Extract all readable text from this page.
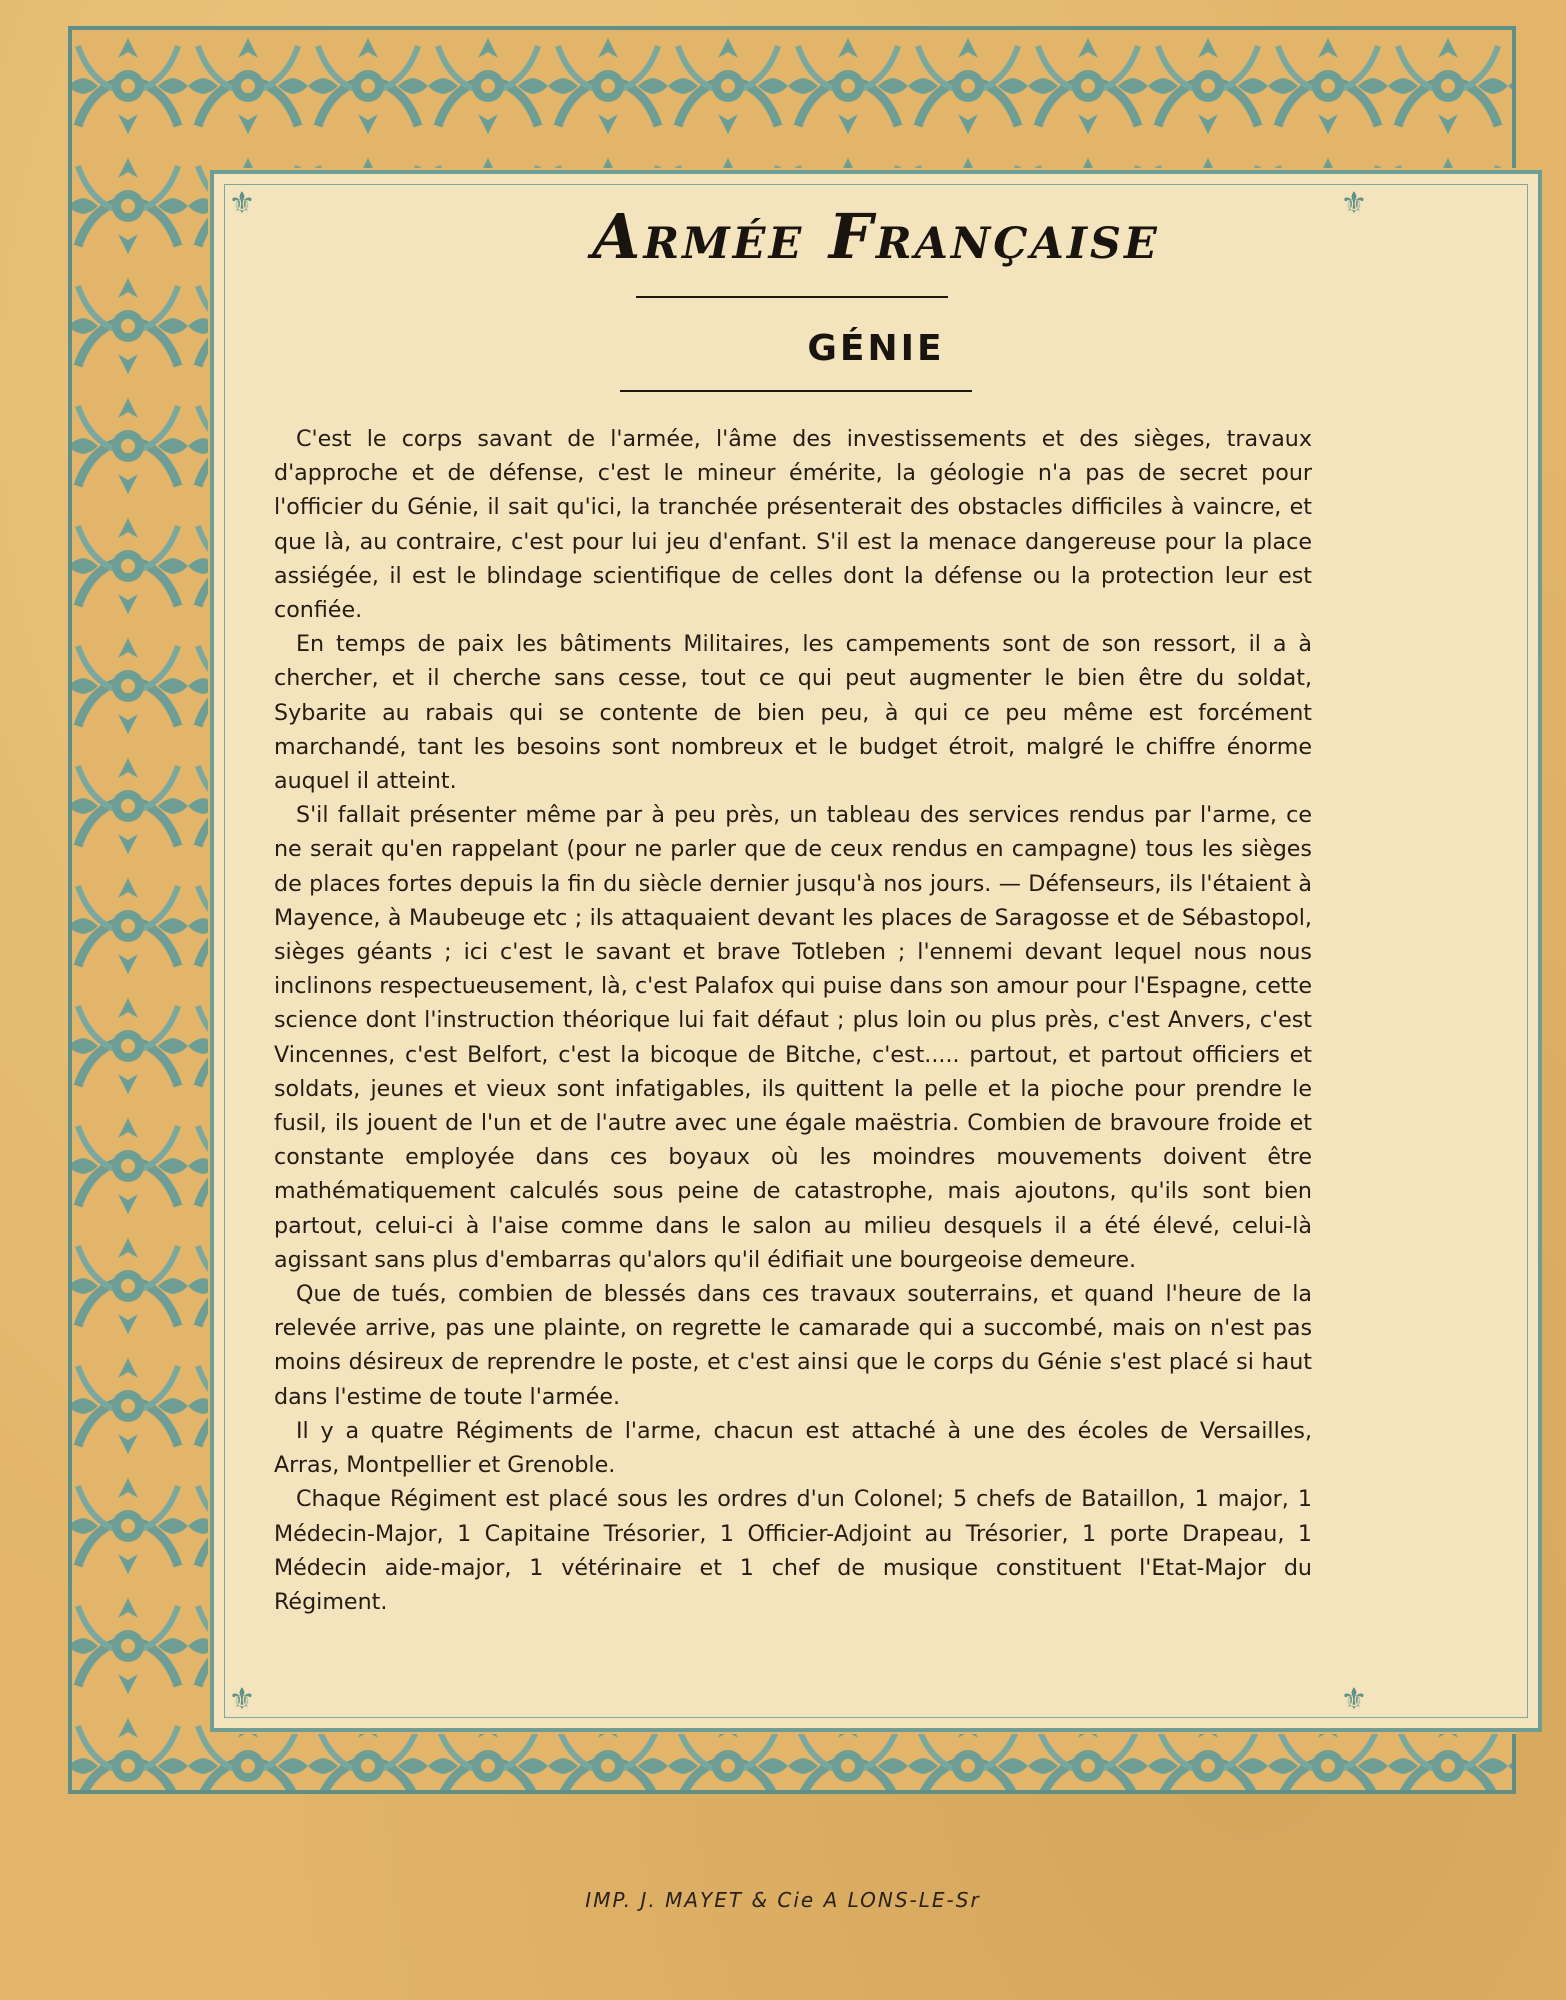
⚜	⚜
⚜	⚜
Armée Française
GÉNIE

C'est le corps savant de l'armée, l'âme des investissements et des sièges, travaux d'approche et de défense, c'est le mineur émérite, la géologie n'a pas de secret pour l'officier du Génie, il sait qu'ici, la tranchée présenterait des obstacles difficiles à vaincre, et que là, au contraire, c'est pour lui jeu d'enfant. S'il est la menace dangereuse pour la place assiégée, il est le blindage scientifique de celles dont la défense ou la protection leur est confiée.

En temps de paix les bâtiments Militaires, les campements sont de son ressort, il a à chercher, et il cherche sans cesse, tout ce qui peut augmenter le bien être du soldat, Sybarite au rabais qui se contente de bien peu, à qui ce peu même est forcément marchandé, tant les besoins sont nombreux et le budget étroit, malgré le chiffre énorme auquel il atteint.

S'il fallait présenter même par à peu près, un tableau des services rendus par l'arme, ce ne serait qu'en rappelant (pour ne parler que de ceux rendus en campagne) tous les sièges de places fortes depuis la fin du siècle dernier jusqu'à nos jours. — Défenseurs, ils l'étaient à Mayence, à Maubeuge etc ; ils attaquaient devant les places de Saragosse et de Sébastopol, sièges géants ; ici c'est le savant et brave Totleben ; l'ennemi devant lequel nous nous inclinons respectueusement, là, c'est Palafox qui puise dans son amour pour l'Espagne, cette science dont l'instruction théorique lui fait défaut ; plus loin ou plus près, c'est Anvers, c'est Vincennes, c'est Belfort, c'est la bicoque de Bitche, c'est..... partout, et partout officiers et soldats, jeunes et vieux sont infatigables, ils quittent la pelle et la pioche pour prendre le fusil, ils jouent de l'un et de l'autre avec une égale maëstria. Combien de bravoure froide et constante employée dans ces boyaux où les moindres mouvements doivent être mathématiquement calculés sous peine de catastrophe, mais ajoutons, qu'ils sont bien partout, celui-ci à l'aise comme dans le salon au milieu desquels il a été élevé, celui-là agissant sans plus d'embarras qu'alors qu'il édifiait une bourgeoise demeure.

Que de tués, combien de blessés dans ces travaux souterrains, et quand l'heure de la relevée arrive, pas une plainte, on regrette le camarade qui a succombé, mais on n'est pas moins désireux de reprendre le poste, et c'est ainsi que le corps du Génie s'est placé si haut dans l'estime de toute l'armée.

Il y a quatre Régiments de l'arme, chacun est attaché à une des écoles de Versailles, Arras, Montpellier et Grenoble.

Chaque Régiment est placé sous les ordres d'un Colonel; 5 chefs de Bataillon, 1 major, 1 Médecin-Major, 1 Capitaine Trésorier, 1 Officier-Adjoint au Trésorier, 1 porte Drapeau, 1 Médecin aide-major, 1 vétérinaire et 1 chef de musique constituent l'Etat-Major du Régiment.

IMP. J. MAYET & Cie A LONS-LE-Sr
